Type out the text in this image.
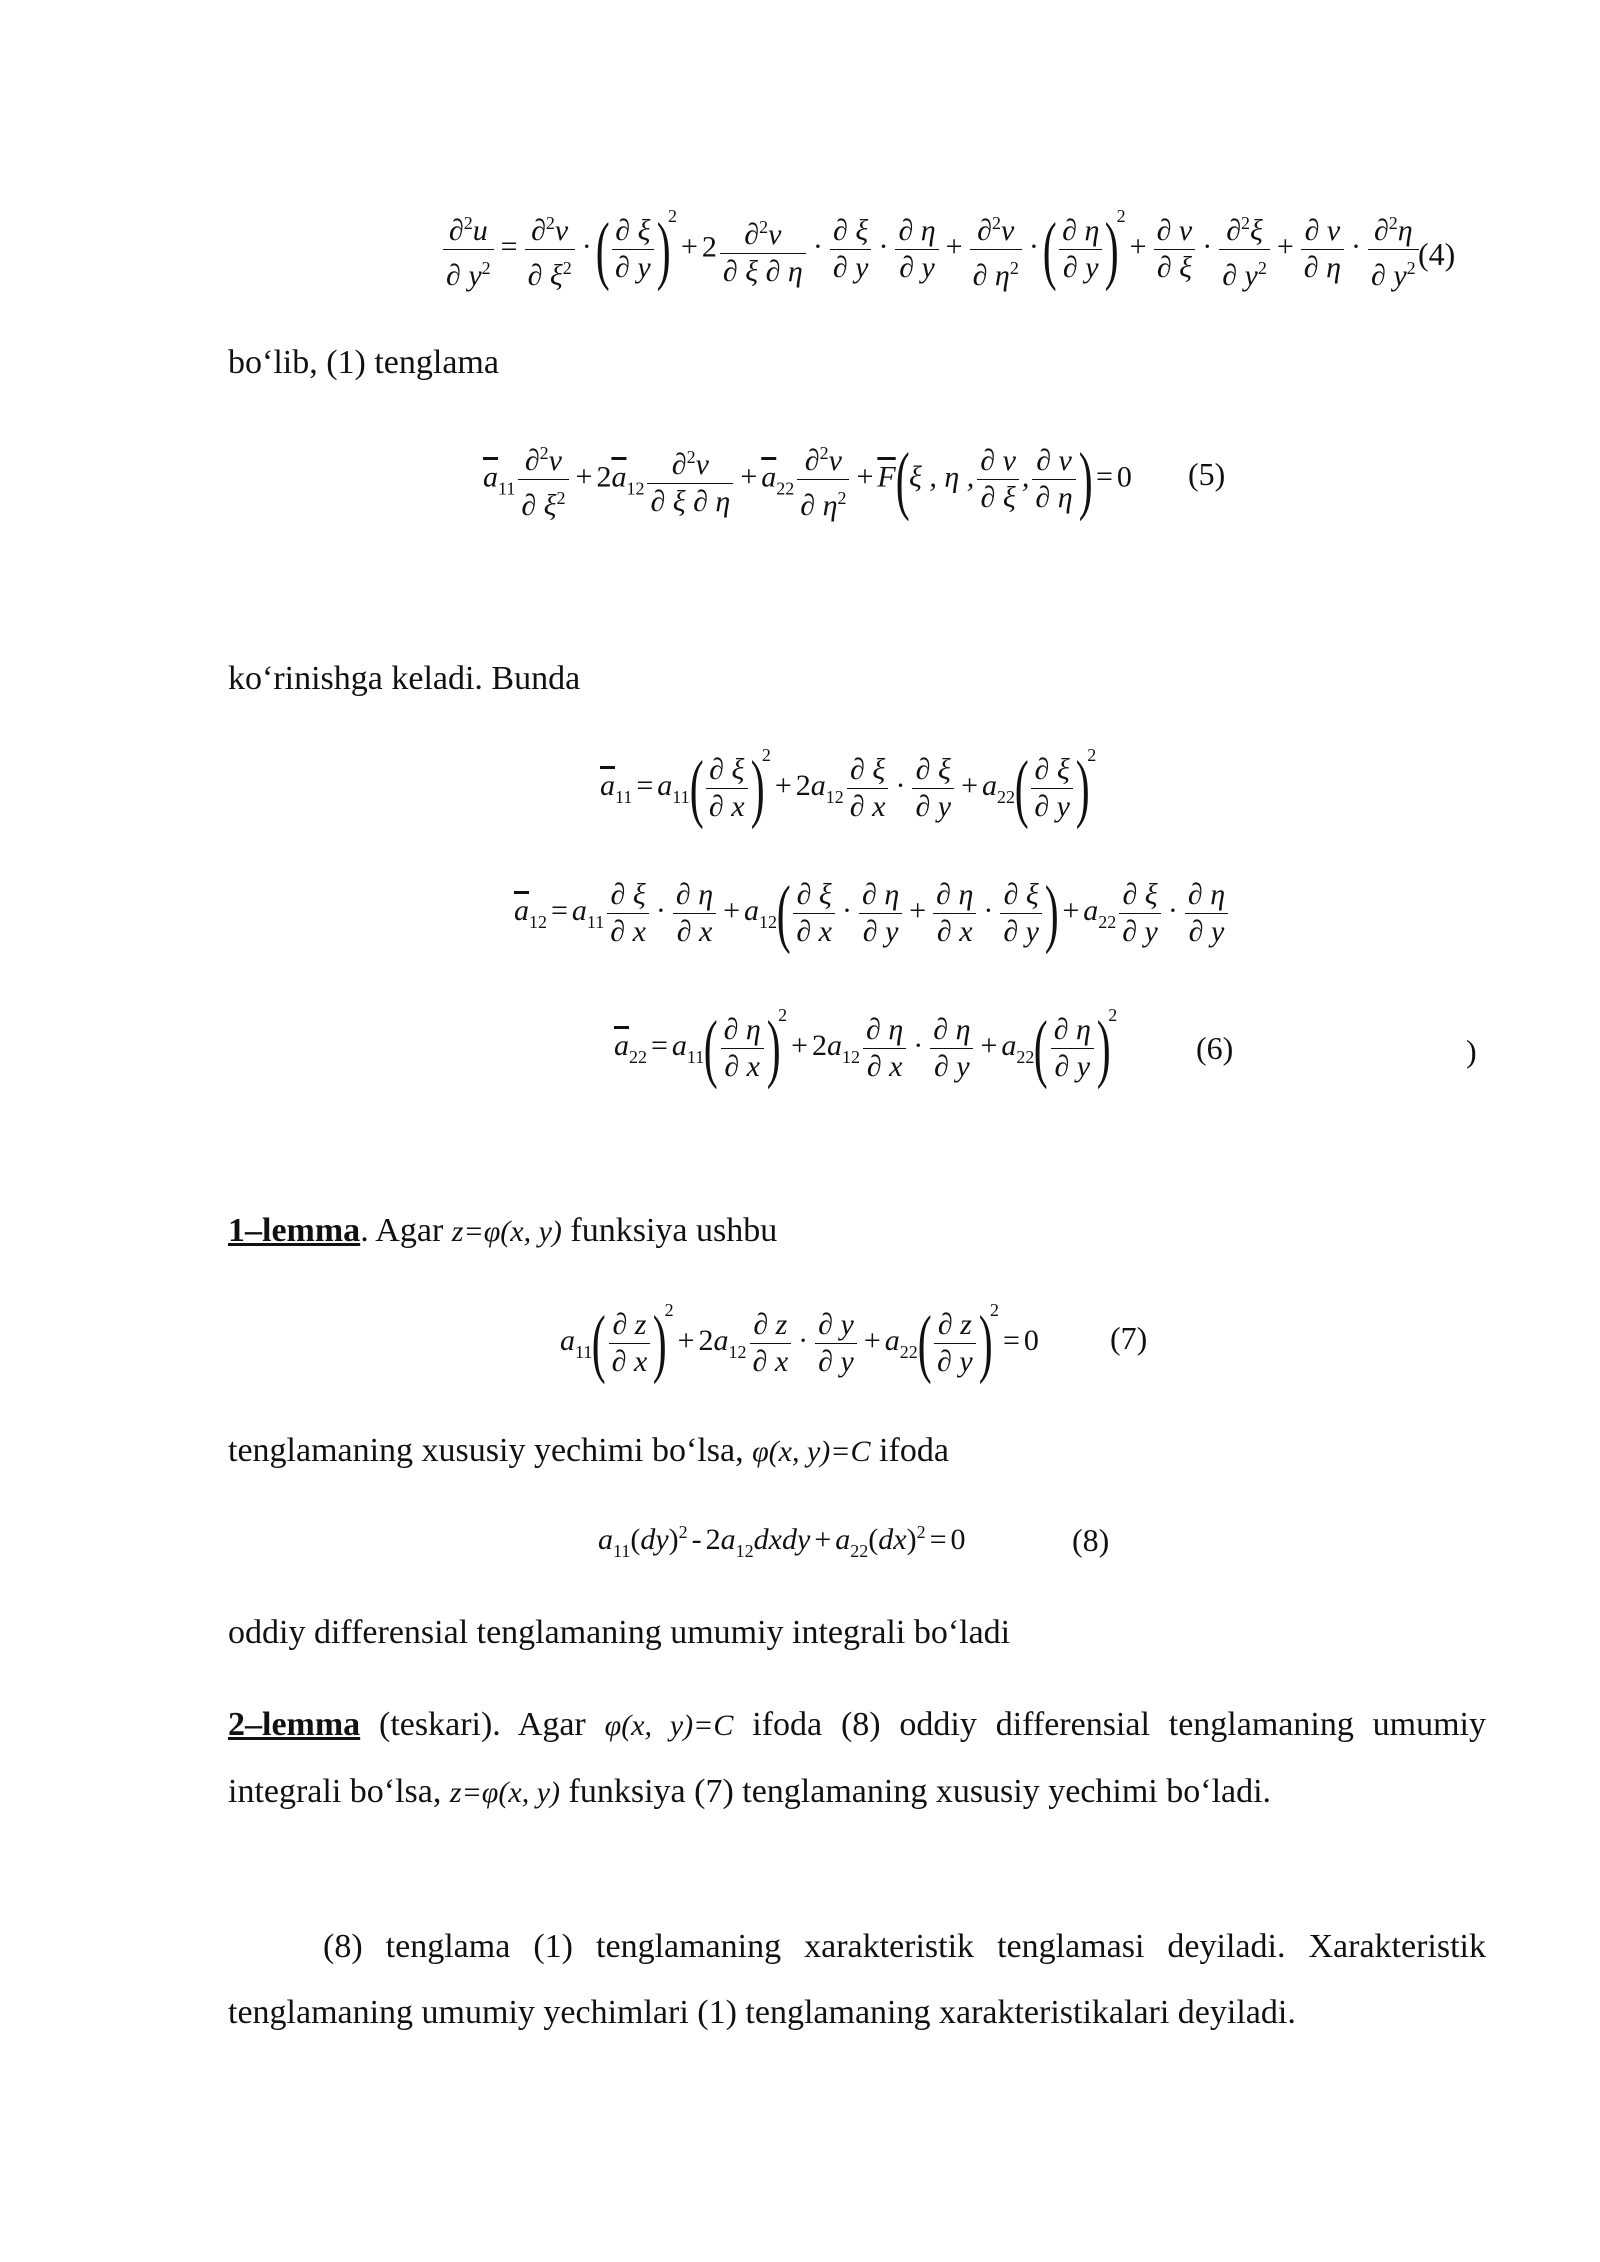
$\frac{\partial^2u}{\partial y^2} = \frac{\partial^2v}{\partial \xi^2}$ ·( $\frac{\partial \xi}{\partial y} )^2+ 2 \frac{\partial^2v}{\partial \xi \partial \eta} \cdot \frac{\partial \xi}{\partial y} \cdot \frac{\partial \eta}{\partial y} + \frac{\partial^2v}{\partial \eta^2}$ ·( $\frac{\partial \eta}{\partial y} )^2+ \frac{\partial v}{\partial \xi} \cdot \frac{\partial^2\xi}{\partial y^2} + \frac{\partial v}{\partial \eta} \cdot \frac{\partial^2\eta}{\partial y^2} (4)$
bo‘lib, (1) tenglama
$\overline{a}_{11} \frac{\partial^2v}{\partial \xi^2} + 2\overline{a}_{12} \frac{\partial^2v}{\partial \xi \partial \eta} + \overline{a}_{22} \frac{\partial^2v}{\partial \eta^2} + \overline{F}(\xi$ , η , $\frac{\partial v}{\partial \xi}$ , $\frac{\partial v}{\partial \eta}$ ) = 0 (5)
ko‘rinishga keladi. Bunda
$\overline{a}_{11} = a_{11}( \frac{\partial \xi}{\partial x} )^2+ 2a_{12} \frac{\partial \xi}{\partial x} \cdot \frac{\partial \xi}{\partial y} + a_{22}( \frac{\partial \xi}{\partial y} )^2$
$\overline{a}_{12} = a_{11} \frac{\partial \xi}{\partial x} \cdot \frac{\partial \eta}{\partial x} + a_{12}( \frac{\partial \xi}{\partial x} \cdot \frac{\partial \eta}{\partial y} + \frac{\partial \eta}{\partial x} \cdot \frac{\partial \xi}{\partial y}$ ) + $a_{22} \frac{\partial \xi}{\partial y} \cdot \frac{\partial \eta}{\partial y}$
$\overline{a}_{22} = a_{11}( \frac{\partial \eta}{\partial x} )^2+ 2a_{12} \frac{\partial \eta}{\partial x} \cdot \frac{\partial \eta}{\partial y} + a_{22}( \frac{\partial \eta}{\partial y} )^2$
(6)	)
1–lemma. Agar z=φ(x, y) funksiya ushbu
$a_{11}( \frac{\partial z}{\partial x} )^2+ 2a_{12} \frac{\partial z}{\partial x} \cdot \frac{\partial y}{\partial y} + a_{22}( \frac{\partial z}{\partial y} )^2= 0$ (7)
tenglamaning xususiy yechimi bo‘lsa, φ(x, y)=C ifoda
$a_{11}(dy)^2$ - $2a_{12}dxdy + a_{22}(dx)^2 = 0$	(8)
oddiy differensial tenglamaning umumiy integrali bo‘ladi
2–lemma (teskari). Agar φ(x, y)=C ifoda (8) oddiy differensial tenglamaning umumiy integrali bo‘lsa, z=φ(x, y) funksiya (7) tenglamaning xususiy yechimi bo‘ladi.
(8) tenglama (1) tenglamaning xarakteristik tenglamasi deyiladi. Xarakteristik tenglamaning umumiy yechimlari (1) tenglamaning xarakteristikalari deyiladi.
